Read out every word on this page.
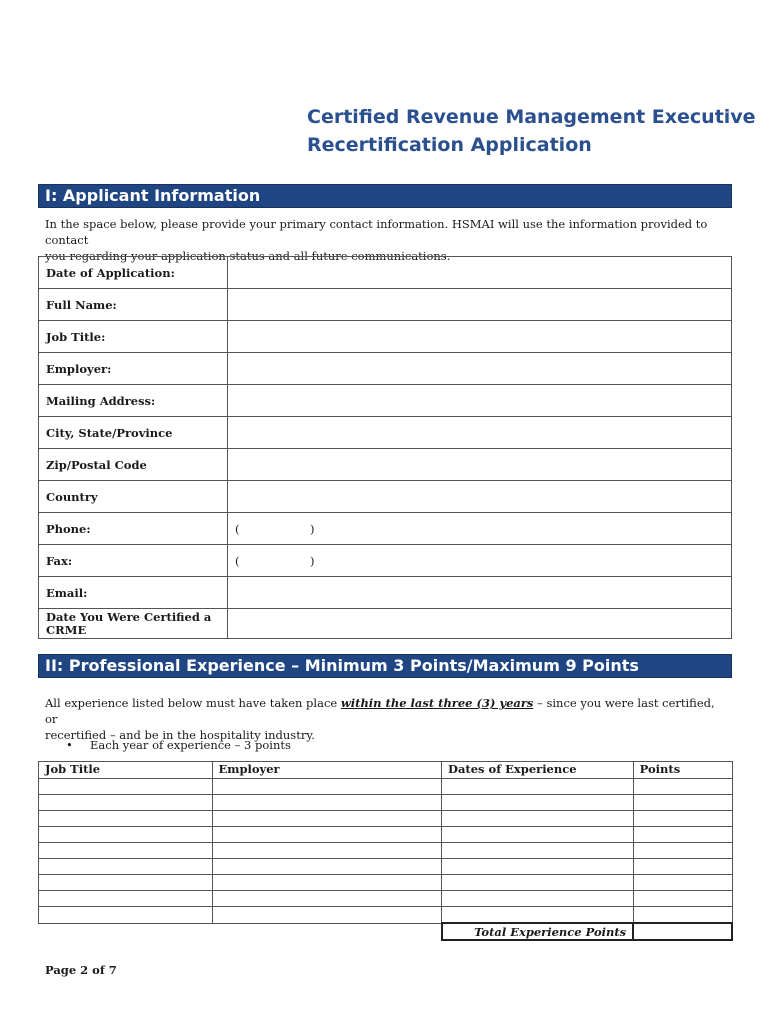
Certified Revenue Management Executive
Recertification Application
I: Applicant Information
In the space below, please provide your primary contact information. HSMAI will use the information provided to contact
you regarding your application status and all future communications.
Date of Application:	
Full Name:	
Job Title:	
Employer:	
Mailing Address:	
City, State/Province	
Zip/Postal Code	
Country	
Phone:	( )
Fax:	( )
Email:	
Date You Were Certified a CRME	
II: Professional Experience – Minimum 3 Points/Maximum 9 Points
All experience listed below must have taken place within the last three (3) years – since you were last certified, or
recertified – and be in the hospitality industry.
• Each year of experience – 3 points
Job Title	Employer	Dates of Experience	Points

		Total Experience Points	
Page 2 of 7
